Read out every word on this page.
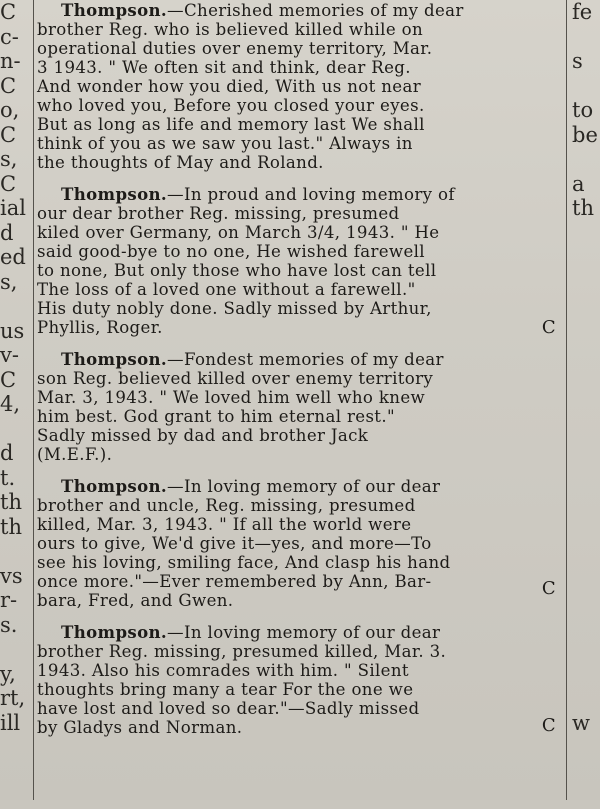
C
c-
n-
C
o,
C
s,
C
ial
d
ed
s,
us
v-
C
4,
d
t.
th
th
vs
r-
s.
y,
rt,
ill
Thompson.—Cherished memories of my dear
brother Reg. who is believed killed while on
operational duties over enemy territory, Mar.
3 1943. " We often sit and think, dear Reg.
And wonder how you died, With us not near
who loved you, Before you closed your eyes.
But as long as life and memory last We shall
think of you as we saw you last." Always in
the thoughts of May and Roland.
Thompson.—In proud and loving memory of
our dear brother Reg. missing, presumed
kiled over Germany, on March 3/4, 1943. " He
said good-bye to no one, He wished farewell
to none, But only those who have lost can tell
The loss of a loved one without a farewell."
His duty nobly done. Sadly missed by Arthur,
Phyllis, Roger.	C
Thompson.—Fondest memories of my dear
son Reg. believed killed over enemy territory
Mar. 3, 1943. " We loved him well who knew
him best. God grant to him eternal rest."
Sadly missed by dad and brother Jack
(M.E.F.).
Thompson.—In loving memory of our dear
brother and uncle, Reg. missing, presumed
killed, Mar. 3, 1943. " If all the world were
ours to give, We'd give it—yes, and more—To
see his loving, smiling face, And clasp his hand
once more."—Ever remembered by Ann, Bar-
bara, Fred, and Gwen.
C
Thompson.—In loving memory of our dear
brother Reg. missing, presumed killed, Mar. 3.
1943. Also his comrades with him. " Silent
thoughts bring many a tear For the one we
have lost and loved so dear."—Sadly missed
by Gladys and Norman.	C
fe
s
to
be
a
th
w
